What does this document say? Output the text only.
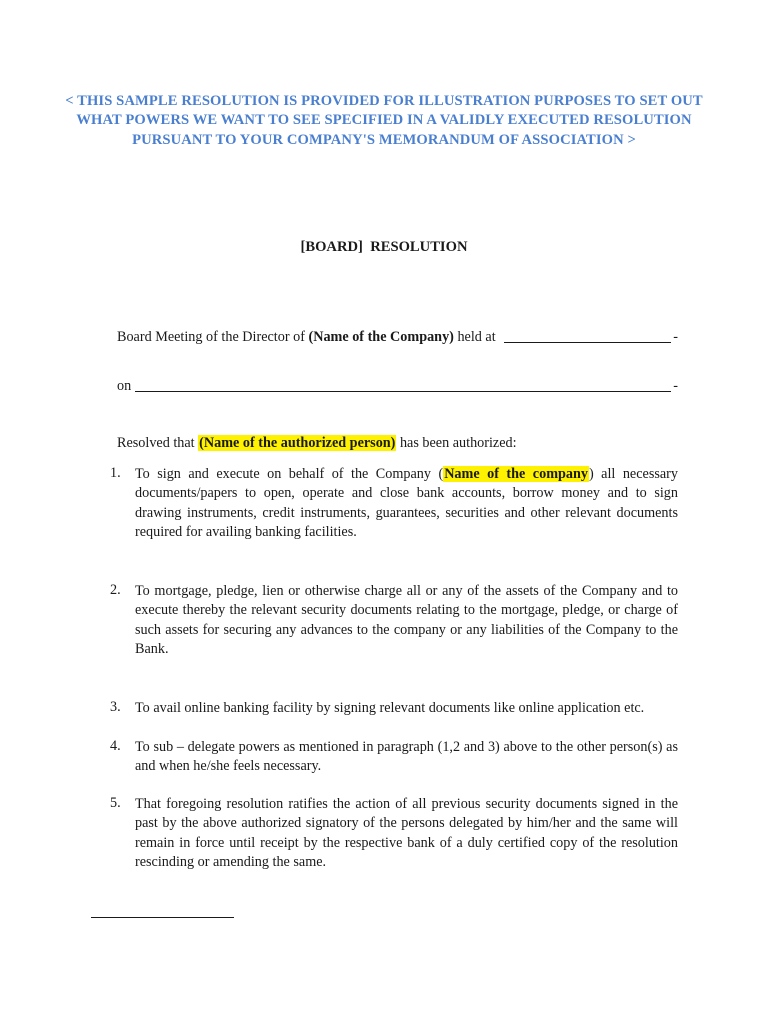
< THIS SAMPLE RESOLUTION IS PROVIDED FOR ILLUSTRATION PURPOSES TO SET OUT WHAT POWERS WE WANT TO SEE SPECIFIED IN A VALIDLY EXECUTED RESOLUTION PURSUANT TO YOUR COMPANY'S MEMORANDUM OF ASSOCIATION >
[BOARD]  RESOLUTION
Board Meeting of the Director of
(Name of the Company)
held at	-
on	-
Resolved that (Name of the authorized person) has been authorized:
1.	To sign and execute on behalf of the Company (Name of the company) all necessary documents/papers to open, operate and close bank accounts, borrow money and to sign drawing instruments, credit instruments, guarantees, securities and other relevant documents required for availing banking facilities.
2.	To mortgage, pledge, lien or otherwise charge all or any of the assets of the Company and to execute thereby the relevant security documents relating to the mortgage, pledge, or charge of such assets for securing any advances to the company or any liabilities of the Company to the Bank.
3.	To avail online banking facility by signing relevant documents like online application etc.
4.	To sub – delegate powers as mentioned in paragraph (1,2 and 3) above to the other person(s) as and when he/she feels necessary.
5.	That foregoing resolution ratifies the action of all previous security documents signed in the past by the above authorized signatory of the persons delegated by him/her and the same will remain in force until receipt by the respective bank of a duly certified copy of the resolution rescinding or amending the same.
